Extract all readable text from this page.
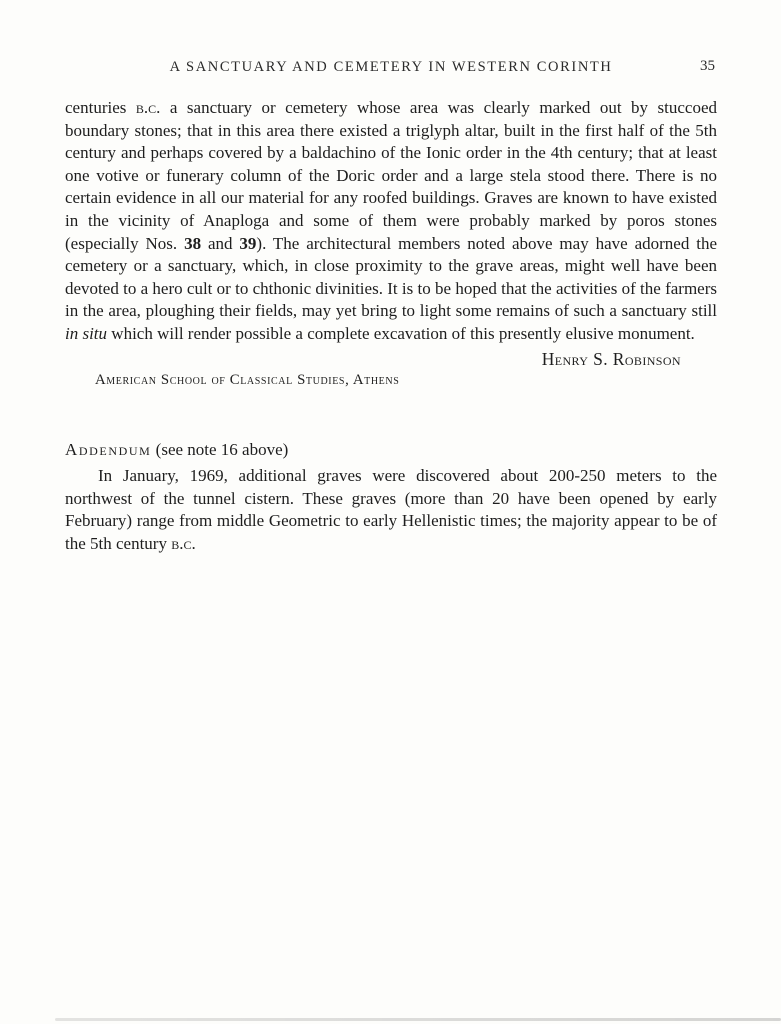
A SANCTUARY AND CEMETERY IN WESTERN CORINTH	35

centuries b.c. a sanctuary or cemetery whose area was clearly marked out by stuccoed boundary stones; that in this area there existed a triglyph altar, built in the first half of the 5th century and perhaps covered by a baldachino of the Ionic order in the 4th century; that at least one votive or funerary column of the Doric order and a large stela stood there. There is no certain evidence in all our material for any roofed buildings. Graves are known to have existed in the vicinity of Anaploga and some of them were probably marked by poros stones (especially Nos. 38 and 39). The architectural members noted above may have adorned the cemetery or a sanctuary, which, in close proximity to the grave areas, might well have been devoted to a hero cult or to chthonic divinities. It is to be hoped that the activities of the farmers in the area, ploughing their fields, may yet bring to light some remains of such a sanctuary still in situ which will render possible a complete excavation of this presently elusive monument.

Henry S. Robinson

American School of Classical Studies, Athens

Addendum (see note 16 above)

In January, 1969, additional graves were discovered about 200-250 meters to the northwest of the tunnel cistern. These graves (more than 20 have been opened by early February) range from middle Geometric to early Hellenistic times; the majority appear to be of the 5th century b.c.
